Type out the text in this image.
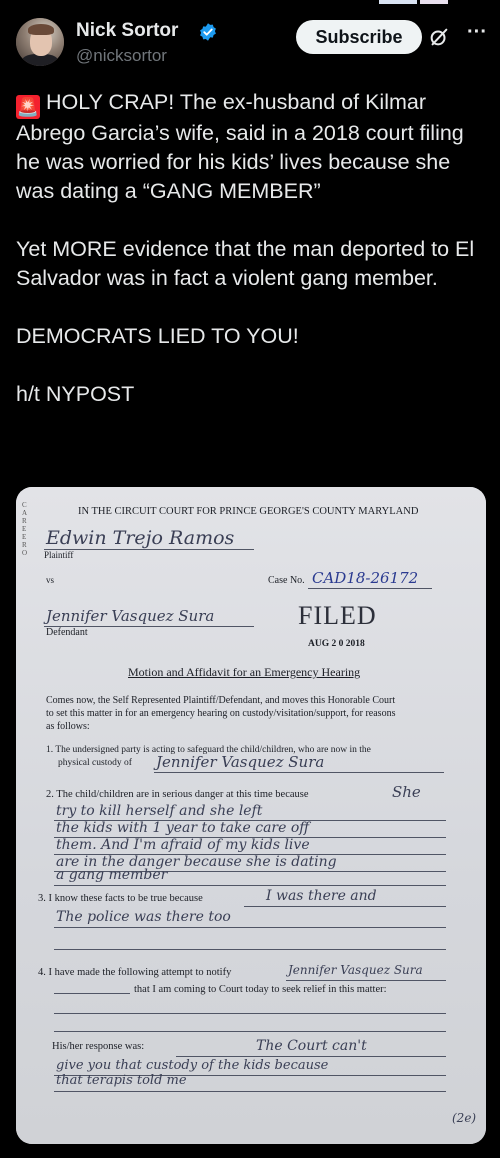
Nick Sortor
@nicksortor
Subscribe	···

🚨 HOLY CRAP! The ex-husband of Kilmar Abrego Garcia’s wife, said in a 2018 court filing he was worried for his kids’ lives because she was dating a “GANG MEMBER”

Yet MORE evidence that the man deported to El Salvador was in fact a violent gang member.

DEMOCRATS LIED TO YOU!

h/t NYPOST

C
A
R
E
E
R
O
IN THE CIRCUIT COURT FOR PRINCE GEORGE'S COUNTY MARYLAND
Edwin Trejo Ramos
Plaintiff
vs	Case No. CAD18-26172
Jennifer Vasquez Sura
Defendant
FILED
AUG 2 0 2018
Motion and Affidavit for an Emergency Hearing
Comes now, the Self Represented Plaintiff/Defendant, and moves this Honorable Court
to set this matter in for an emergency hearing on custody/visitation/support, for reasons
as follows:
1. The undersigned party is acting to safeguard the child/children, who are now in the
physical custody of Jennifer Vasquez Sura
2. The child/children are in serious danger at this time because	She
try to kill herself and she left
the kids with 1 year to take care off
them. And I'm afraid of my kids live
are in the danger because she is dating
a gang member
3. I know these facts to be true because	I was there and
The police was there too
4. I have made the following attempt to notify	Jennifer Vasquez Sura
that I am coming to Court today to seek relief in this matter:
His/her response was:	The Court can't
give you that custody of the kids because
that terapis told me
(2e)
